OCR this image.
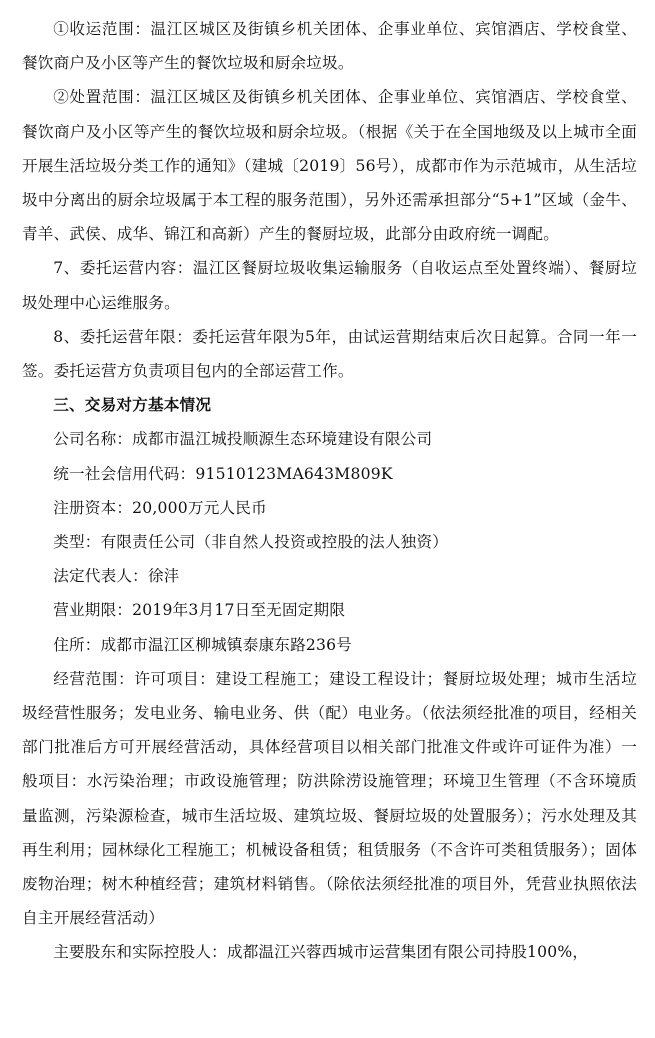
①收运范围：温江区城区及街镇乡机关团体、企事业单位、宾馆酒店、学校食堂、餐饮商户及小区等产生的餐饮垃圾和厨余垃圾。

②处置范围：温江区城区及街镇乡机关团体、企事业单位、宾馆酒店、学校食堂、餐饮商户及小区等产生的餐饮垃圾和厨余垃圾。（根据《关于在全国地级及以上城市全面开展生活垃圾分类工作的通知》（建城〔2019〕56号），成都市作为示范城市，从生活垃圾中分离出的厨余垃圾属于本工程的服务范围），另外还需承担部分“5+1”区域（金牛、青羊、武侯、成华、锦江和高新）产生的餐厨垃圾，此部分由政府统一调配。

7、委托运营内容：温江区餐厨垃圾收集运输服务（自收运点至处置终端）、餐厨垃圾处理中心运维服务。

8、委托运营年限：委托运营年限为5年，由试运营期结束后次日起算。合同一年一签。委托运营方负责项目包内的全部运营工作。

三、交易对方基本情况

公司名称：成都市温江城投顺源生态环境建设有限公司

统一社会信用代码：91510123MA643M809K

注册资本：20,000万元人民币

类型：有限责任公司（非自然人投资或控股的法人独资）

法定代表人：徐沣

营业期限：2019年3月17日至无固定期限

住所：成都市温江区柳城镇泰康东路236号

经营范围：许可项目：建设工程施工；建设工程设计；餐厨垃圾处理；城市生活垃圾经营性服务；发电业务、输电业务、供（配）电业务。（依法须经批准的项目，经相关部门批准后方可开展经营活动，具体经营项目以相关部门批准文件或许可证件为准）一般项目：水污染治理；市政设施管理；防洪除涝设施管理；环境卫生管理（不含环境质量监测，污染源检查，城市生活垃圾、建筑垃圾、餐厨垃圾的处置服务）；污水处理及其再生利用；园林绿化工程施工；机械设备租赁；租赁服务（不含许可类租赁服务）；固体废物治理；树木种植经营；建筑材料销售。（除依法须经批准的项目外，凭营业执照依法自主开展经营活动）

主要股东和实际控股人：成都温江兴蓉西城市运营集团有限公司持股100%，
